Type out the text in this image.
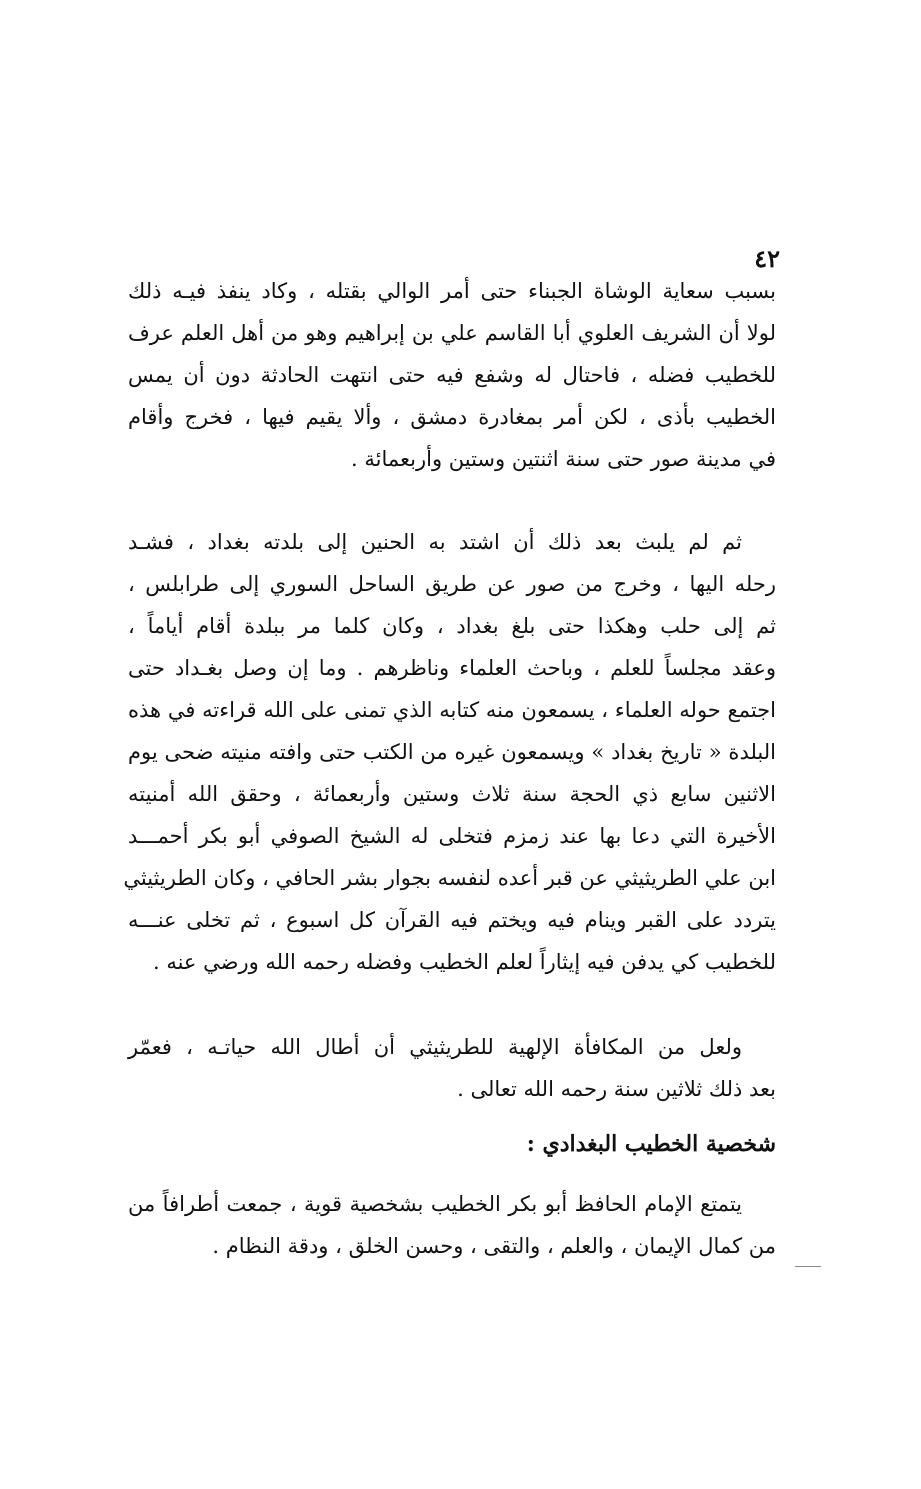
٤٢
بسبب سعاية الوشاة الجبناء حتى أمر الوالي بقتله ، وكاد ينفذ فيـه ذلك
لولا أن الشريف العلوي أبا القاسم علي بن إبراهيم وهو من أهل العلم عرف
للخطيب فضله ، فاحتال له وشفع فيه حتى انتهت الحادثة دون أن يمس
الخطيب بأذى ، لكن أمر بمغادرة دمشق ، وألا يقيم فيها ، فخرج وأقام
في مدينة صور حتى سنة اثنتين وستين وأربعمائة .
ثم لم يلبث بعد ذلك أن اشتد به الحنين إلى بلدته بغداد ، فشـد
رحله اليها ، وخرج من صور عن طريق الساحل السوري إلى طرابلس ،
ثم إلى حلب وهكذا حتى بلغ بغداد ، وكان كلما مر ببلدة أقام أياماً ،
وعقد مجلساً للعلم ، وباحث العلماء وناظرهم . وما إن وصل بغـداد حتى
اجتمع حوله العلماء ، يسمعون منه كتابه الذي تمنى على الله قراءته في هذه
البلدة « تاريخ بغداد » ويسمعون غيره من الكتب حتى وافته منيته ضحى يوم
الاثنين سابع ذي الحجة سنة ثلاث وستين وأربعمائة ، وحقق الله أمنيته
الأخيرة التي دعا بها عند زمزم فتخلى له الشيخ الصوفي أبو بكر أحمـــد
ابن علي الطريثيثي عن قبر أعده لنفسه بجوار بشر الحافي ، وكان الطريثيثي
يتردد على القبر وينام فيه ويختم فيه القرآن كل اسبوع ، ثم تخلى عنـــه
للخطيب كي يدفن فيه إيثاراً لعلم الخطيب وفضله رحمه الله ورضي عنه .
ولعل من المكافأة الإلهية للطريثيثي أن أطال الله حياتـه ، فعمّر
بعد ذلك ثلاثين سنة رحمه الله تعالى .
شخصية الخطيب البغدادي :
يتمتع الإمام الحافظ أبو بكر الخطيب بشخصية قوية ، جمعت أطرافاً من
من كمال الإيمان ، والعلم ، والتقى ، وحسن الخلق ، ودقة النظام .
